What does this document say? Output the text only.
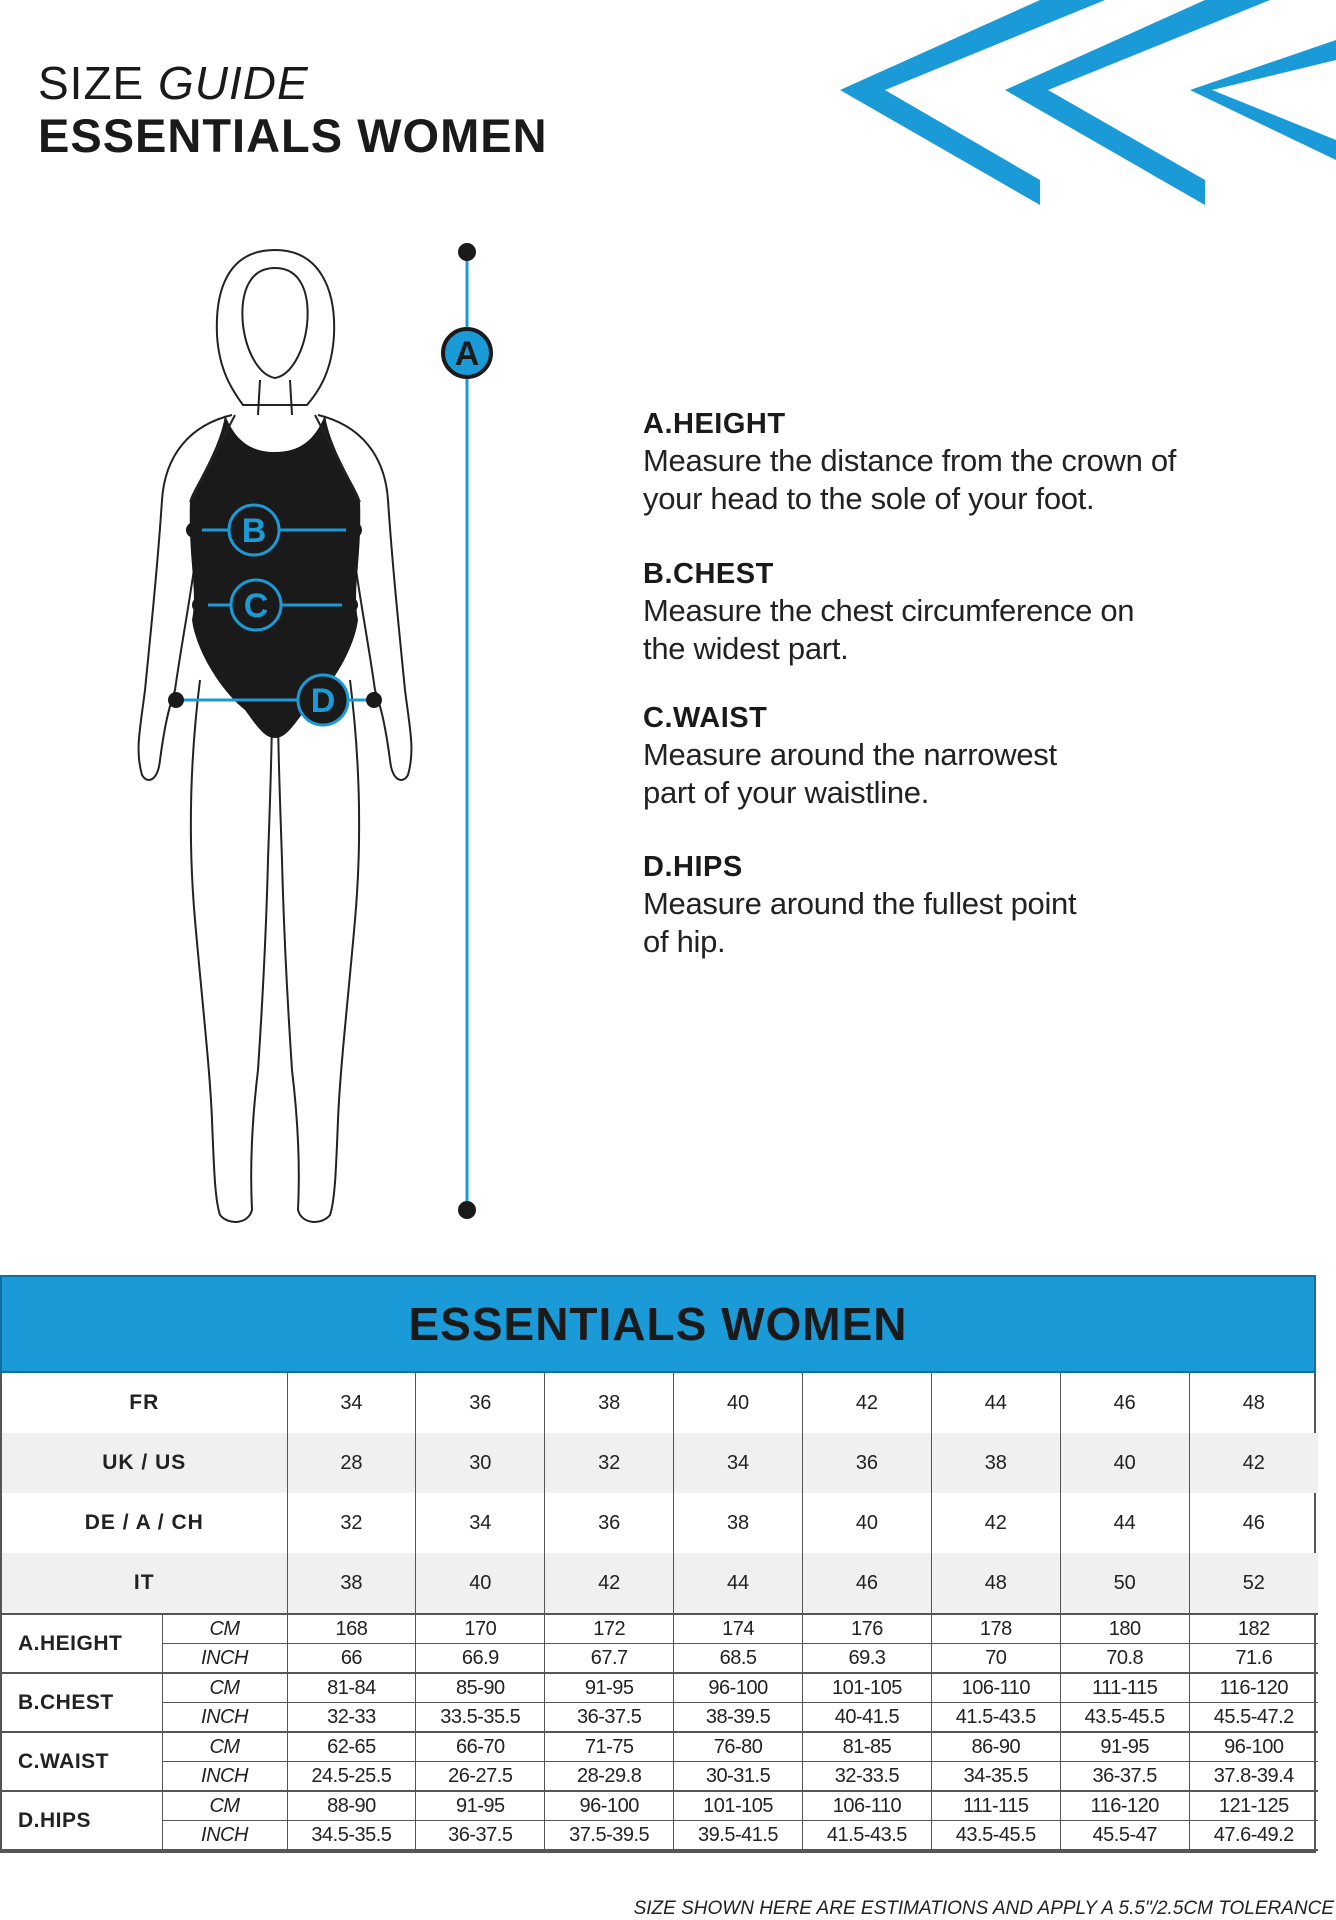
SIZE GUIDE
ESSENTIALS WOMEN
B
C
D
A
A.HEIGHT
Measure the distance from the crown of
your head to the sole of your foot.
B.CHEST
Measure the chest circumference on
the widest part.
C.WAIST
Measure around the narrowest
part of your waistline.
D.HIPS
Measure around the fullest point
of hip.
ESSENTIALS WOMEN
FR		34	36	38	40	42	44	46	48
UK / US		28	30	32	34	36	38	40	42
DE / A / CH		32	34	36	38	40	42	44	46
IT		38	40	42	44	46	48	50	52
A.HEIGHT	CM	168	170	172	174	176	178	180	182
	INCH	66	66.9	67.7	68.5	69.3	70	70.8	71.6
B.CHEST	CM	81-84	85-90	91-95	96-100	101-105	106-110	111-115	116-120
	INCH	32-33	33.5-35.5	36-37.5	38-39.5	40-41.5	41.5-43.5	43.5-45.5	45.5-47.2
C.WAIST	CM	62-65	66-70	71-75	76-80	81-85	86-90	91-95	96-100
	INCH	24.5-25.5	26-27.5	28-29.8	30-31.5	32-33.5	34-35.5	36-37.5	37.8-39.4
D.HIPS	CM	88-90	91-95	96-100	101-105	106-110	111-115	116-120	121-125
	INCH	34.5-35.5	36-37.5	37.5-39.5	39.5-41.5	41.5-43.5	43.5-45.5	45.5-47	47.6-49.2
SIZE SHOWN HERE ARE ESTIMATIONS AND APPLY A 5.5"/2.5CM TOLERANCE
